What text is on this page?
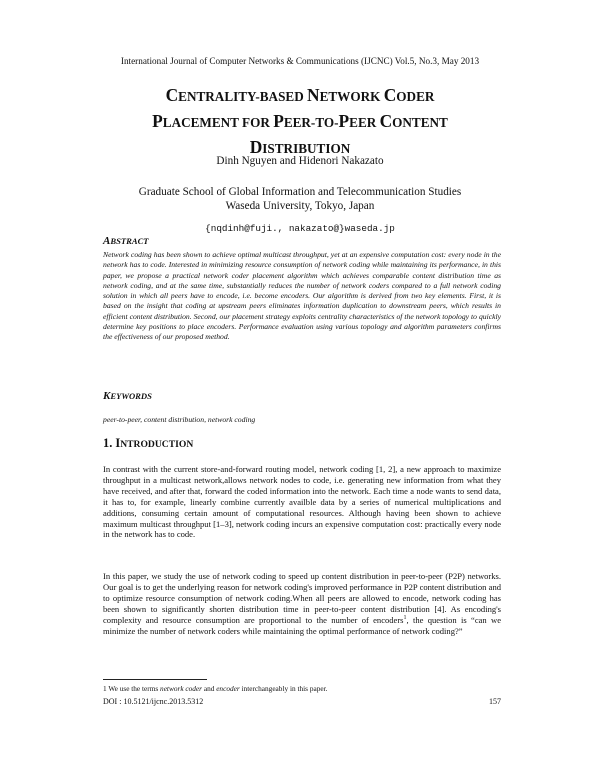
International Journal of Computer Networks & Communications (IJCNC) Vol.5, No.3, May 2013
CENTRALITY-BASED NETWORK CODER
PLACEMENT FOR PEER-TO-PEER CONTENT
DISTRIBUTION
Dinh Nguyen and Hidenori Nakazato
Graduate School of Global Information and Telecommunication Studies
Waseda University, Tokyo, Japan
{nqdinh@fuji., nakazato@}waseda.jp
ABSTRACT
Network coding has been shown to achieve optimal multicast throughput, yet at an expensive computation cost: every node in the network has to code. Interested in minimizing resource consumption of network coding while maintaining its performance, in this paper, we propose a practical network coder placement algorithm which achieves comparable content distribution time as network coding, and at the same time, substantially reduces the number of network coders compared to a full network coding solution in which all peers have to encode, i.e. become encoders. Our algorithm is derived from two key elements. First, it is based on the insight that coding at upstream peers eliminates information duplication to downstream peers, which results in efficient content distribution. Second, our placement strategy exploits centrality characteristics of the network topology to quickly determine key positions to place encoders. Performance evaluation using various topology and algorithm parameters confirms the effectiveness of our proposed method.
KEYWORDS
peer-to-peer, content distribution, network coding
1. INTRODUCTION
In contrast with the current store-and-forward routing model, network coding [1, 2], a new approach to maximize throughput in a multicast network,allows network nodes to code, i.e. generating new information from what they have received, and after that, forward the coded information into the network. Each time a node wants to send data, it has to, for example, linearly combine currently availble data by a series of numerical multiplications and additions, consuming certain amount of computational resources. Although having been shown to achieve maximum multicast throughput [1–3], network coding incurs an expensive computation cost: practically every node in the network has to code.
In this paper, we study the use of network coding to speed up content distribution in peer-to-peer (P2P) networks. Our goal is to get the underlying reason for network coding's improved performance in P2P content distribution and to optimize resource consumption of network coding.When all peers are allowed to encode, network coding has been shown to significantly shorten distribution time in peer-to-peer content distribution [4]. As encoding's complexity and resource consumption are proportional to the number of encoders$^1$, the question is “can we minimize the number of network coders while maintaining the optimal performance of network coding?”
1 We use the terms network coder and encoder interchangeably in this paper.
DOI : 10.5121/ijcnc.2013.5312	157
